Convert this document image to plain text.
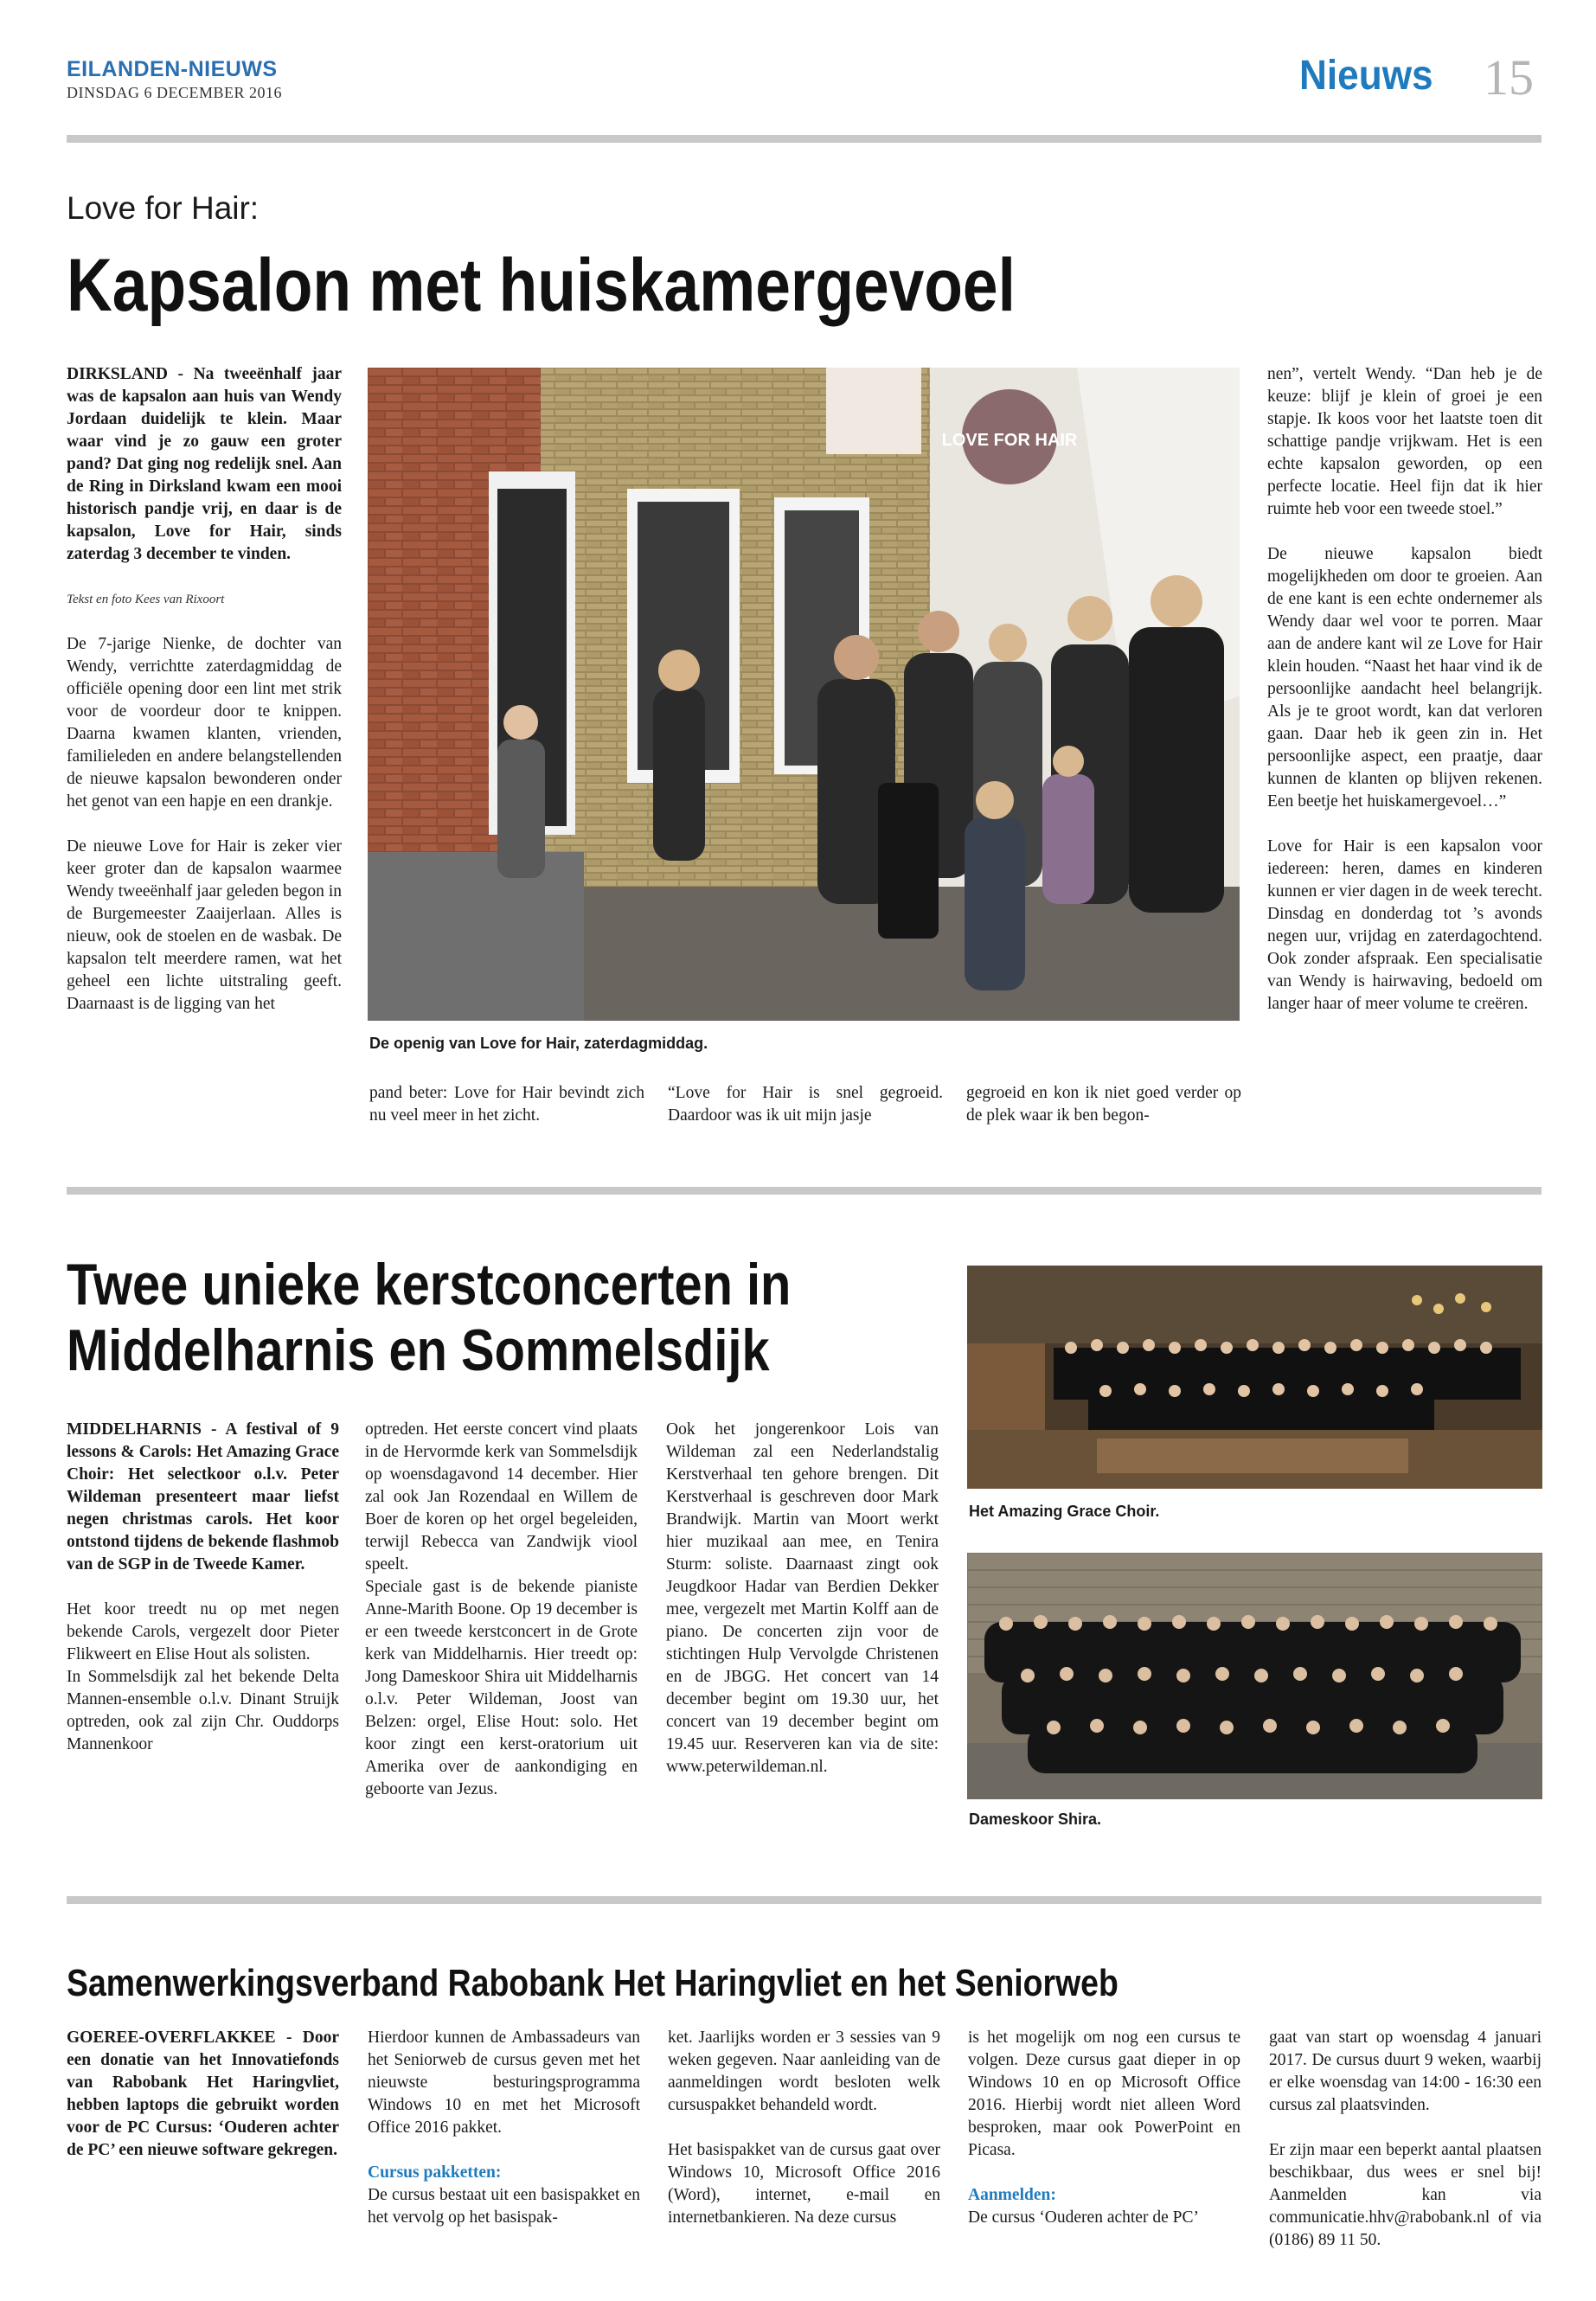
EILANDEN-NIEUWS
DINSDAG 6 DECEMBER 2016	Nieuws 15
Love for Hair:
Kapsalon met huiskamergevoel

DIRKSLAND - Na tweeënhalf jaar was de kapsalon aan huis van Wendy Jordaan duidelijk te klein. Maar waar vind je zo gauw een groter pand? Dat ging nog redelijk snel. Aan de Ring in Dirksland kwam een mooi historisch pandje vrij, en daar is de kapsalon, Love for Hair, sinds zaterdag 3 december te vinden.

Tekst en foto Kees van Rixoort

De 7-jarige Nienke, de dochter van Wendy, verrichtte zaterdagmiddag de officiële opening door een lint met strik voor de voordeur door te knippen. Daarna kwamen klanten, vrienden, familieleden en andere belangstellenden de nieuwe kapsalon bewonderen onder het genot van een hapje en een drankje.

De nieuwe Love for Hair is zeker vier keer groter dan de kapsalon waarmee Wendy tweeënhalf jaar geleden begon in de Burgemeester Zaaijerlaan. Alles is nieuw, ook de stoelen en de wasbak. De kapsalon telt meerdere ramen, wat het geheel een lichte uitstraling geeft. Daarnaast is de ligging van het

LOVE FOR HAIR
De openig van Love for Hair, zaterdagmiddag.

pand beter: Love for Hair bevindt zich nu veel meer in het zicht.

“Love for Hair is snel gegroeid. Daardoor was ik uit mijn jasje

gegroeid en kon ik niet goed verder op de plek waar ik ben begon-

nen”, vertelt Wendy. “Dan heb je de keuze: blijf je klein of groei je een stapje. Ik koos voor het laatste toen dit schattige pandje vrijkwam. Het is een echte kapsalon geworden, op een perfecte locatie. Heel fijn dat ik hier ruimte heb voor een tweede stoel.”

De nieuwe kapsalon biedt mogelijkheden om door te groeien. Aan de ene kant is een echte ondernemer als Wendy daar wel voor te porren. Maar aan de andere kant wil ze Love for Hair klein houden. “Naast het haar vind ik de persoonlijke aandacht heel belangrijk. Als je te groot wordt, kan dat verloren gaan. Daar heb ik geen zin in. Het persoonlijke aspect, een praatje, daar kunnen de klanten op blijven rekenen. Een beetje het huiskamergevoel…”

Love for Hair is een kapsalon voor iedereen: heren, dames en kinderen kunnen er vier dagen in de week terecht. Dinsdag en donderdag tot ’s avonds negen uur, vrijdag en zaterdagochtend. Ook zonder afspraak. Een specialisatie van Wendy is hairwaving, bedoeld om langer haar of meer volume te creëren.

Twee unieke kerstconcerten in
Middelharnis en Sommelsdijk

MIDDELHARNIS - A festival of 9 lessons & Carols: Het Amazing Grace Choir: Het selectkoor o.l.v. Peter Wildeman presenteert maar liefst negen christmas carols. Het koor ontstond tijdens de bekende flashmob van de SGP in de Tweede Kamer.

Het koor treedt nu op met negen bekende Carols, vergezelt door Pieter Flikweert en Elise Hout als solisten.

In Sommelsdijk zal het bekende Delta Mannen-ensemble o.l.v. Dinant Struijk optreden, ook zal zijn Chr. Ouddorps Mannenkoor

optreden. Het eerste concert vind plaats in de Hervormde kerk van Sommelsdijk op woensdagavond 14 december. Hier zal ook Jan Rozendaal en Willem de Boer de koren op het orgel begeleiden, terwijl Rebecca van Zandwijk viool speelt.

Speciale gast is de bekende pianiste Anne-Marith Boone. Op 19 december is er een tweede kerstconcert in de Grote kerk van Middelharnis. Hier treedt op: Jong Dameskoor Shira uit Middelharnis o.l.v. Peter Wildeman, Joost van Belzen: orgel, Elise Hout: solo. Het koor zingt een kerst-oratorium uit Amerika over de aankondiging en geboorte van Jezus.

Ook het jongerenkoor Lois van Wildeman zal een Nederlandstalig Kerstverhaal ten gehore brengen. Dit Kerstverhaal is geschreven door Mark Brandwijk. Martin van Moort werkt hier muzikaal aan mee, en Tenira Sturm: soliste. Daarnaast zingt ook Jeugdkoor Hadar van Berdien Dekker mee, vergezelt met Martin Kolff aan de piano. De concerten zijn voor de stichtingen Hulp Vervolgde Christenen en de JBGG. Het concert van 14 december begint om 19.30 uur, het concert van 19 december begint om 19.45 uur. Reserveren kan via de site: www.peterwildeman.nl.

Het Amazing Grace Choir.
Dameskoor Shira.
Samenwerkingsverband Rabobank Het Haringvliet en het Seniorweb

GOEREE-OVERFLAKKEE - Door een donatie van het Innovatiefonds van Rabobank Het Haringvliet, hebben laptops die gebruikt worden voor de PC Cursus: ‘Ouderen achter de PC’ een nieuwe software gekregen.

Hierdoor kunnen de Ambassadeurs van het Seniorweb de cursus geven met het nieuwste besturingsprogramma Windows 10 en met het Microsoft Office 2016 pakket.

Cursus pakketten:

De cursus bestaat uit een basispakket en het vervolg op het basispak-

ket. Jaarlijks worden er 3 sessies van 9 weken gegeven. Naar aanleiding van de aanmeldingen wordt besloten welk cursuspakket behandeld wordt.

Het basispakket van de cursus gaat over Windows 10, Microsoft Office 2016 (Word), internet, e-mail en internetbankieren. Na deze cursus

is het mogelijk om nog een cursus te volgen. Deze cursus gaat dieper in op Windows 10 en op Microsoft Office 2016. Hierbij wordt niet alleen Word besproken, maar ook PowerPoint en Picasa.

Aanmelden:

De cursus ‘Ouderen achter de PC’

gaat van start op woensdag 4 januari 2017. De cursus duurt 9 weken, waarbij er elke woensdag van 14:00 - 16:30 een cursus zal plaatsvinden.

Er zijn maar een beperkt aantal plaatsen beschikbaar, dus wees er snel bij! Aanmelden kan via communicatie.hhv@rabobank.nl of via (0186) 89 11 50.
